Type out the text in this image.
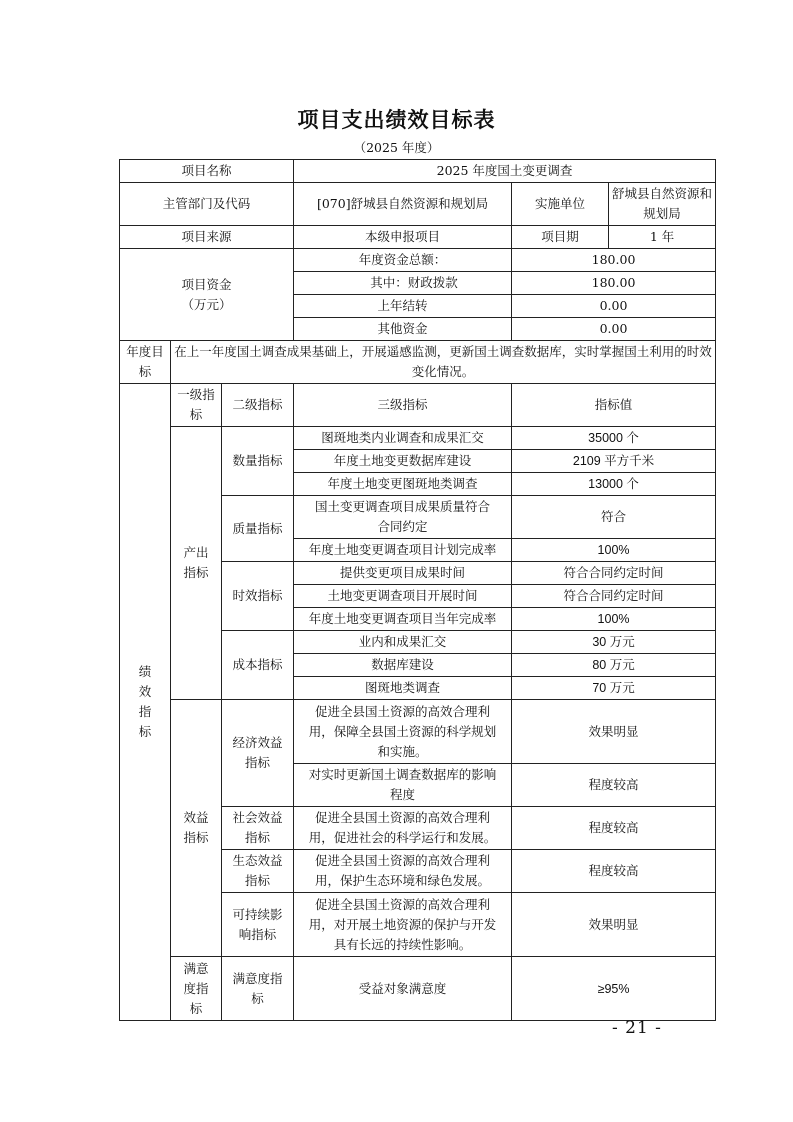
项目支出绩效目标表
（2025 年度）
项目名称			2025 年度国土变更调查		
主管部门及代码			[070]舒城县自然资源和规划局	实施单位	舒城县自然资源和规划局
项目来源			本级申报项目	项目期	1 年

项目资金
（万元）			年度资金总额：	180.00	
			其中：财政拨款	180.00	
			上年结转	0.00	
			其他资金	0.00	
年度目标	在上一年度国土调查成果基础上，开展遥感监测，更新国土调查数据库，实时掌握国土利用的时效变化情况。				

绩效指标	一级指标	二级指标	三级指标	指标值	

	产出指标	数量指标	图斑地类内业调查和成果汇交	35000 个	
			年度土地变更数据库建设	2109 平方千米	
			年度土地变更图斑地类调查	13000 个	
		质量指标	国土变更调查项目成果质量符合合同约定	符合	
			年度土地变更调查项目计划完成率	100%	
		时效指标	提供变更项目成果时间	符合合同约定时间	
			土地变更调查项目开展时间	符合合同约定时间	
			年度土地变更调查项目当年完成率	100%	
		成本指标	业内和成果汇交	30 万元	
			数据库建设	80 万元	
			图斑地类调查	70 万元	

	效益指标	经济效益指标	促进全县国土资源的高效合理利用，保障全县国土资源的科学规划和实施。	效果明显	

			对实时更新国土调查数据库的影响程度	程度较高	

		社会效益指标	促进全县国土资源的高效合理利用，促进社会的科学运行和发展。	程度较高	

		生态效益指标	促进全县国土资源的高效合理利用，保护生态环境和绿色发展。	程度较高	

		可持续影响指标	促进全县国土资源的高效合理利用，对开展土地资源的保护与开发具有长远的持续性影响。	效果明显	

	满意度指标	满意度指标	受益对象满意度	≥95%	
- 21 -
